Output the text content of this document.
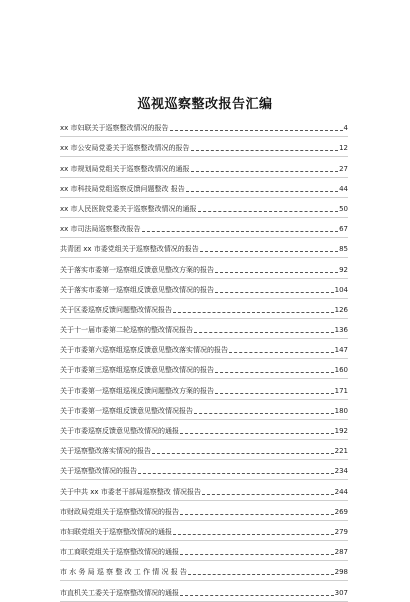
巡视巡察整改报告汇编
xx 市妇联关于巡察整改情况的报告	4
xx 市公安局党委关于巡察整改情况的报告	12
xx 市规划局党组关于巡察整改情况的通报	27
xx 市科技局党组巡察反馈问题整改 报告	44
xx 市人民医院党委关于巡察整改情况的通报	50
xx 市司法局巡察整改报告	67
共青团 xx 市委党组关于巡察整改情况的报告	85
关于落实市委第一巡察组反馈意见整改方案的报告	92
关于落实市委第一巡察组反馈意见整改情况的报告	104
关于区委巡察反馈问题整改情况报告	126
关于十一届市委第二轮巡察的整改情况报告	136
关于市委第六巡察组巡察反馈意见整改落实情况的报告	147
关于市委第三巡察组巡察反馈意见整改情况的报告	160
关于市委第一巡察组巡视反馈问题整改方案的报告	171
关于市委第一巡察组反馈意见整改情况报告	180
关于市委巡察反馈意见整改情况的通报	192
关于巡察整改落实情况的报告	221
关于巡察整改情况的报告	234
关于中共 xx 市委老干部局巡察整改 情况报告	244
市财政局党组关于巡察整改情况的报告	269
市妇联党组关于巡察整改情况的通报	279
市工商联党组关于巡察整改情况的通报	287
市 水 务 局 巡 察 整 改 工 作 情 况 报 告	298
市直机关工委关于巡察整改情况的通报	307
